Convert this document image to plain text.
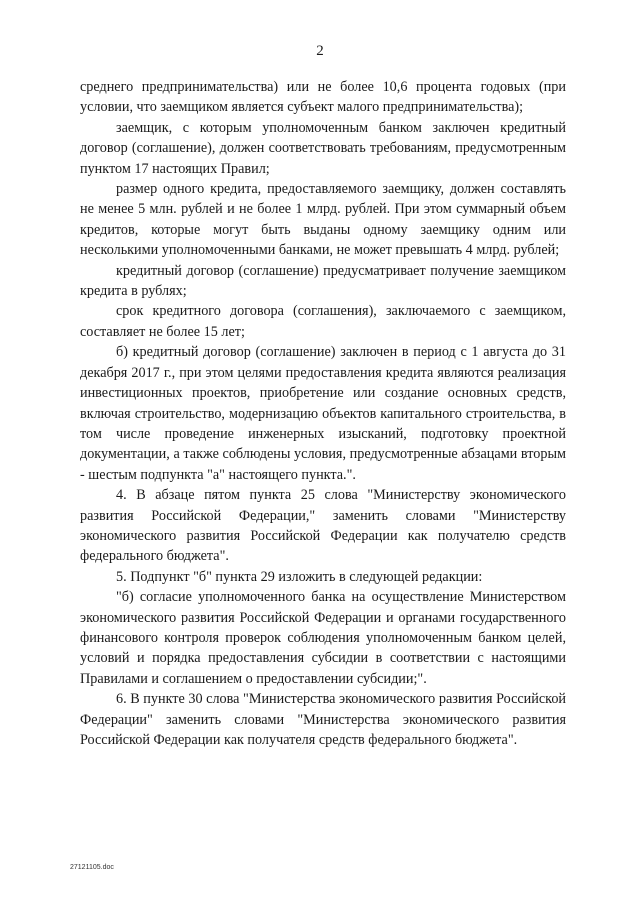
2

среднего предпринимательства) или не более 10,6 процента годовых (при условии, что заемщиком является субъект малого предпринимательства);

заемщик, с которым уполномоченным банком заключен кредитный договор (соглашение), должен соответствовать требованиям, предусмотренным пунктом 17 настоящих Правил;

размер одного кредита, предоставляемого заемщику, должен составлять не менее 5 млн. рублей и не более 1 млрд. рублей. При этом суммарный объем кредитов, которые могут быть выданы одному заемщику одним или несколькими уполномоченными банками, не может превышать 4 млрд. рублей;

кредитный договор (соглашение) предусматривает получение заемщиком кредита в рублях;

срок кредитного договора (соглашения), заключаемого с заемщиком, составляет не более 15 лет;

б) кредитный договор (соглашение) заключен в период с 1 августа до 31 декабря 2017 г., при этом целями предоставления кредита являются реализация инвестиционных проектов, приобретение или создание основных средств, включая строительство, модернизацию объектов капитального строительства, в том числе проведение инженерных изысканий, подготовку проектной документации, а также соблюдены условия, предусмотренные абзацами вторым - шестым подпункта "а" настоящего пункта.".

4. В абзаце пятом пункта 25 слова "Министерству экономического развития Российской Федерации," заменить словами "Министерству экономического развития Российской Федерации как получателю средств федерального бюджета".

5. Подпункт "б" пункта 29 изложить в следующей редакции:

"б) согласие уполномоченного банка на осуществление Министерством экономического развития Российской Федерации и органами государственного финансового контроля проверок соблюдения уполномоченным банком целей, условий и порядка предоставления субсидии в соответствии с настоящими Правилами и соглашением о предоставлении субсидии;".

6. В пункте 30 слова "Министерства экономического развития Российской Федерации" заменить словами "Министерства экономического развития Российской Федерации как получателя средств федерального бюджета".

27121105.doc
